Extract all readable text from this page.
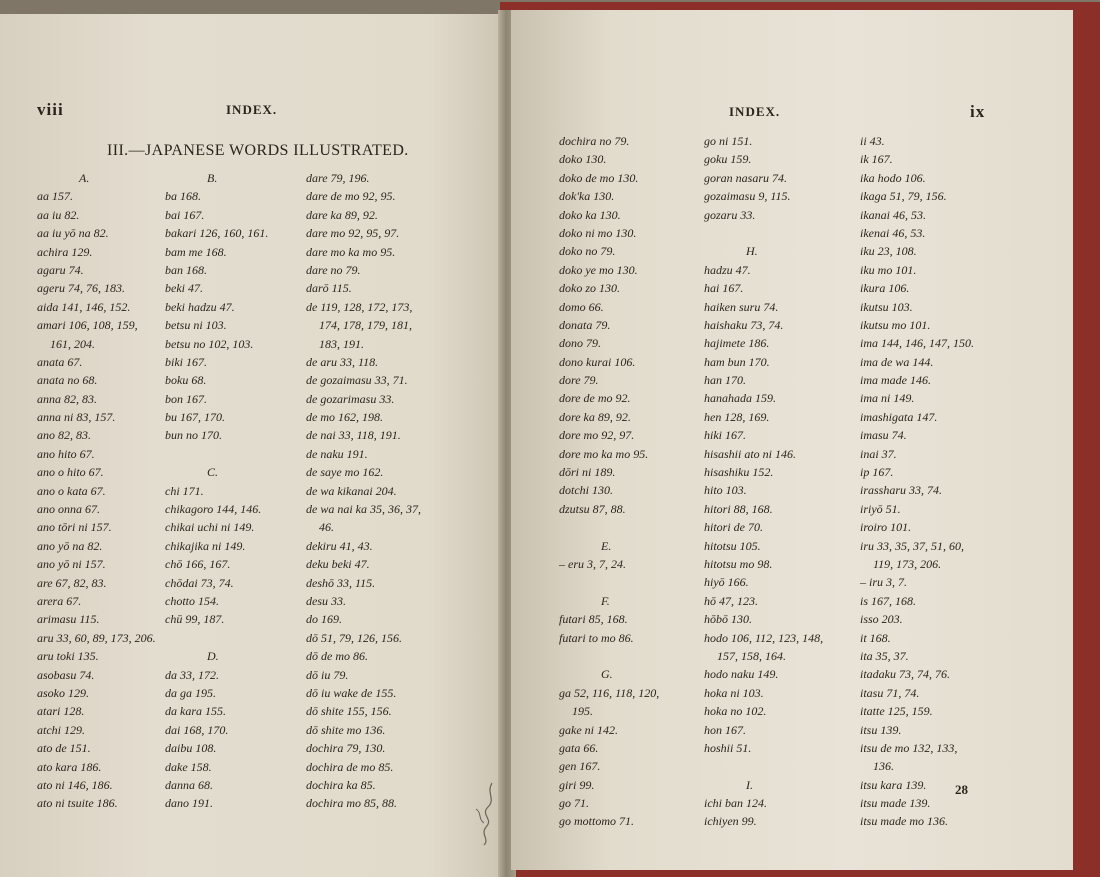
viii	INDEX.
III.—JAPANESE WORDS ILLUSTRATED.
A.
aa 157.
aa iu 82.
aa iu yō na 82.
achira 129.
agaru 74.
ageru 74, 76, 183.
aida 141, 146, 152.
amari 106, 108, 159,
161, 204.
anata 67.
anata no 68.
anna 82, 83.
anna ni 83, 157.
ano 82, 83.
ano hito 67.
ano o hito 67.
ano o kata 67.
ano onna 67.
ano tōri ni 157.
ano yō na 82.
ano yō ni 157.
are 67, 82, 83.
arera 67.
arimasu 115.
aru 33, 60, 89, 173, 206.
aru toki 135.
asobasu 74.
asoko 129.
atari 128.
atchi 129.
ato de 151.
ato kara 186.
ato ni 146, 186.
ato ni tsuite 186.
B.
ba 168.
bai 167.
bakari 126, 160, 161.
bam me 168.
ban 168.
beki 47.
beki hadzu 47.
betsu ni 103.
betsu no 102, 103.
biki 167.
boku 68.
bon 167.
bu 167, 170.
bun no 170.
C.
chi 171.
chikagoro 144, 146.
chikai uchi ni 149.
chikajika ni 149.
chō 166, 167.
chōdai 73, 74.
chotto 154.
chū 99, 187.
D.
da 33, 172.
da ga 195.
da kara 155.
dai 168, 170.
daibu 108.
dake 158.
danna 68.
dano 191.
dare 79, 196.
dare de mo 92, 95.
dare ka 89, 92.
dare mo 92, 95, 97.
dare mo ka mo 95.
dare no 79.
darō 115.
de 119, 128, 172, 173,
174, 178, 179, 181,
183, 191.
de aru 33, 118.
de gozaimasu 33, 71.
de gozarimasu 33.
de mo 162, 198.
de nai 33, 118, 191.
de naku 191.
de saye mo 162.
de wa kikanai 204.
de wa nai ka 35, 36, 37,
46.
dekiru 41, 43.
deku beki 47.
deshō 33, 115.
desu 33.
do 169.
dō 51, 79, 126, 156.
dō de mo 86.
dō iu 79.
dō iu wake de 155.
dō shite 155, 156.
dō shite mo 136.
dochira 79, 130.
dochira de mo 85.
dochira ka 85.
dochira mo 85, 88.
INDEX.	ix
dochira no 79.
doko 130.
doko de mo 130.
dok'ka 130.
doko ka 130.
doko ni mo 130.
doko no 79.
doko ye mo 130.
doko zo 130.
domo 66.
donata 79.
dono 79.
dono kurai 106.
dore 79.
dore de mo 92.
dore ka 89, 92.
dore mo 92, 97.
dore mo ka mo 95.
dōri ni 189.
dotchi 130.
dzutsu 87, 88.
E.
– eru 3, 7, 24.
F.
futari 85, 168.
futari to mo 86.
G.
ga 52, 116, 118, 120,
195.
gake ni 142.
gata 66.
gen 167.
giri 99.
go 71.
go mottomo 71.
go ni 151.
goku 159.
goran nasaru 74.
gozaimasu 9, 115.
gozaru 33.
H.
hadzu 47.
hai 167.
haiken suru 74.
haishaku 73, 74.
hajimete 186.
ham bun 170.
han 170.
hanahada 159.
hen 128, 169.
hiki 167.
hisashii ato ni 146.
hisashiku 152.
hito 103.
hitori 88, 168.
hitori de 70.
hitotsu 105.
hitotsu mo 98.
hiyō 166.
hō 47, 123.
hōbō 130.
hodo 106, 112, 123, 148,
157, 158, 164.
hodo naku 149.
hoka ni 103.
hoka no 102.
hon 167.
hoshii 51.
I.
ichi ban 124.
ichiyen 99.
ii 43.
ik 167.
ika hodo 106.
ikaga 51, 79, 156.
ikanai 46, 53.
ikenai 46, 53.
iku 23, 108.
iku mo 101.
ikura 106.
ikutsu 103.
ikutsu mo 101.
ima 144, 146, 147, 150.
ima de wa 144.
ima made 146.
ima ni 149.
imashigata 147.
imasu 74.
inai 37.
ip 167.
irassharu 33, 74.
iriyō 51.
iroiro 101.
iru 33, 35, 37, 51, 60,
119, 173, 206.
– iru 3, 7.
is 167, 168.
isso 203.
it 168.
ita 35, 37.
itadaku 73, 74, 76.
itasu 71, 74.
itatte 125, 159.
itsu 139.
itsu de mo 132, 133,
136.
itsu kara 139.
itsu made 139.
itsu made mo 136.
28
